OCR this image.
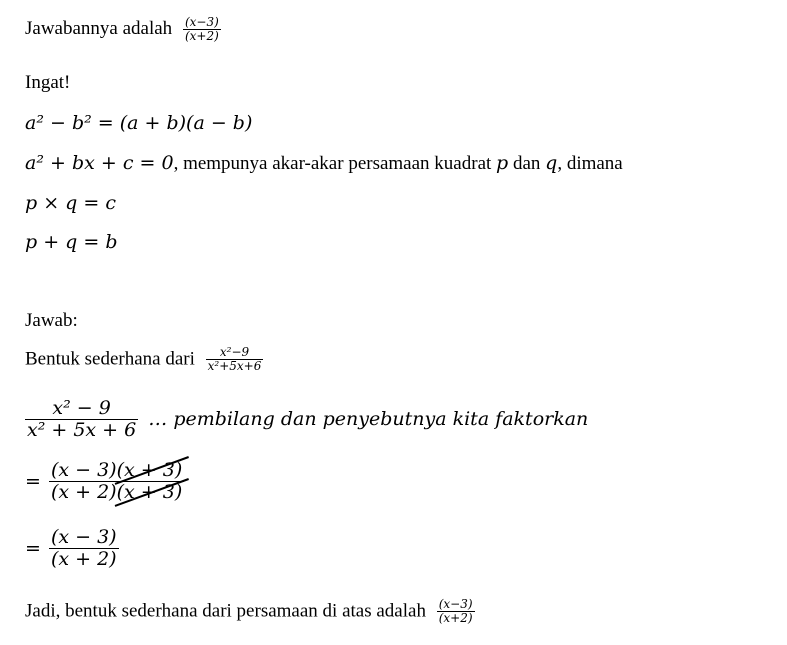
Jawabannya adalah $\frac{(x-3)}{(x+2)}$
Ingat!
a² − b² = (a + b)(a − b)
a² + bx + c = 0, mempunya akar-akar persamaan kuadrat p dan q, dimana
p × q = c
p + q = b
Jawab:
Bentuk sederhana dari $\frac{\text{x²−9}}{\text{x²+5x+6}}$
$\frac{\text{x² − 9}}{\text{x² + 5x + 6}}$ … pembilang dan penyebutnya kita faktorkan
= $\frac{(x - 3)(x + 3)}{(x + 2)(x + 3)}$
= $\frac{(x - 3)}{(x + 2)}$
Jadi, bentuk sederhana dari persamaan di atas adalah $\frac{(x-3)}{(x+2)}$
